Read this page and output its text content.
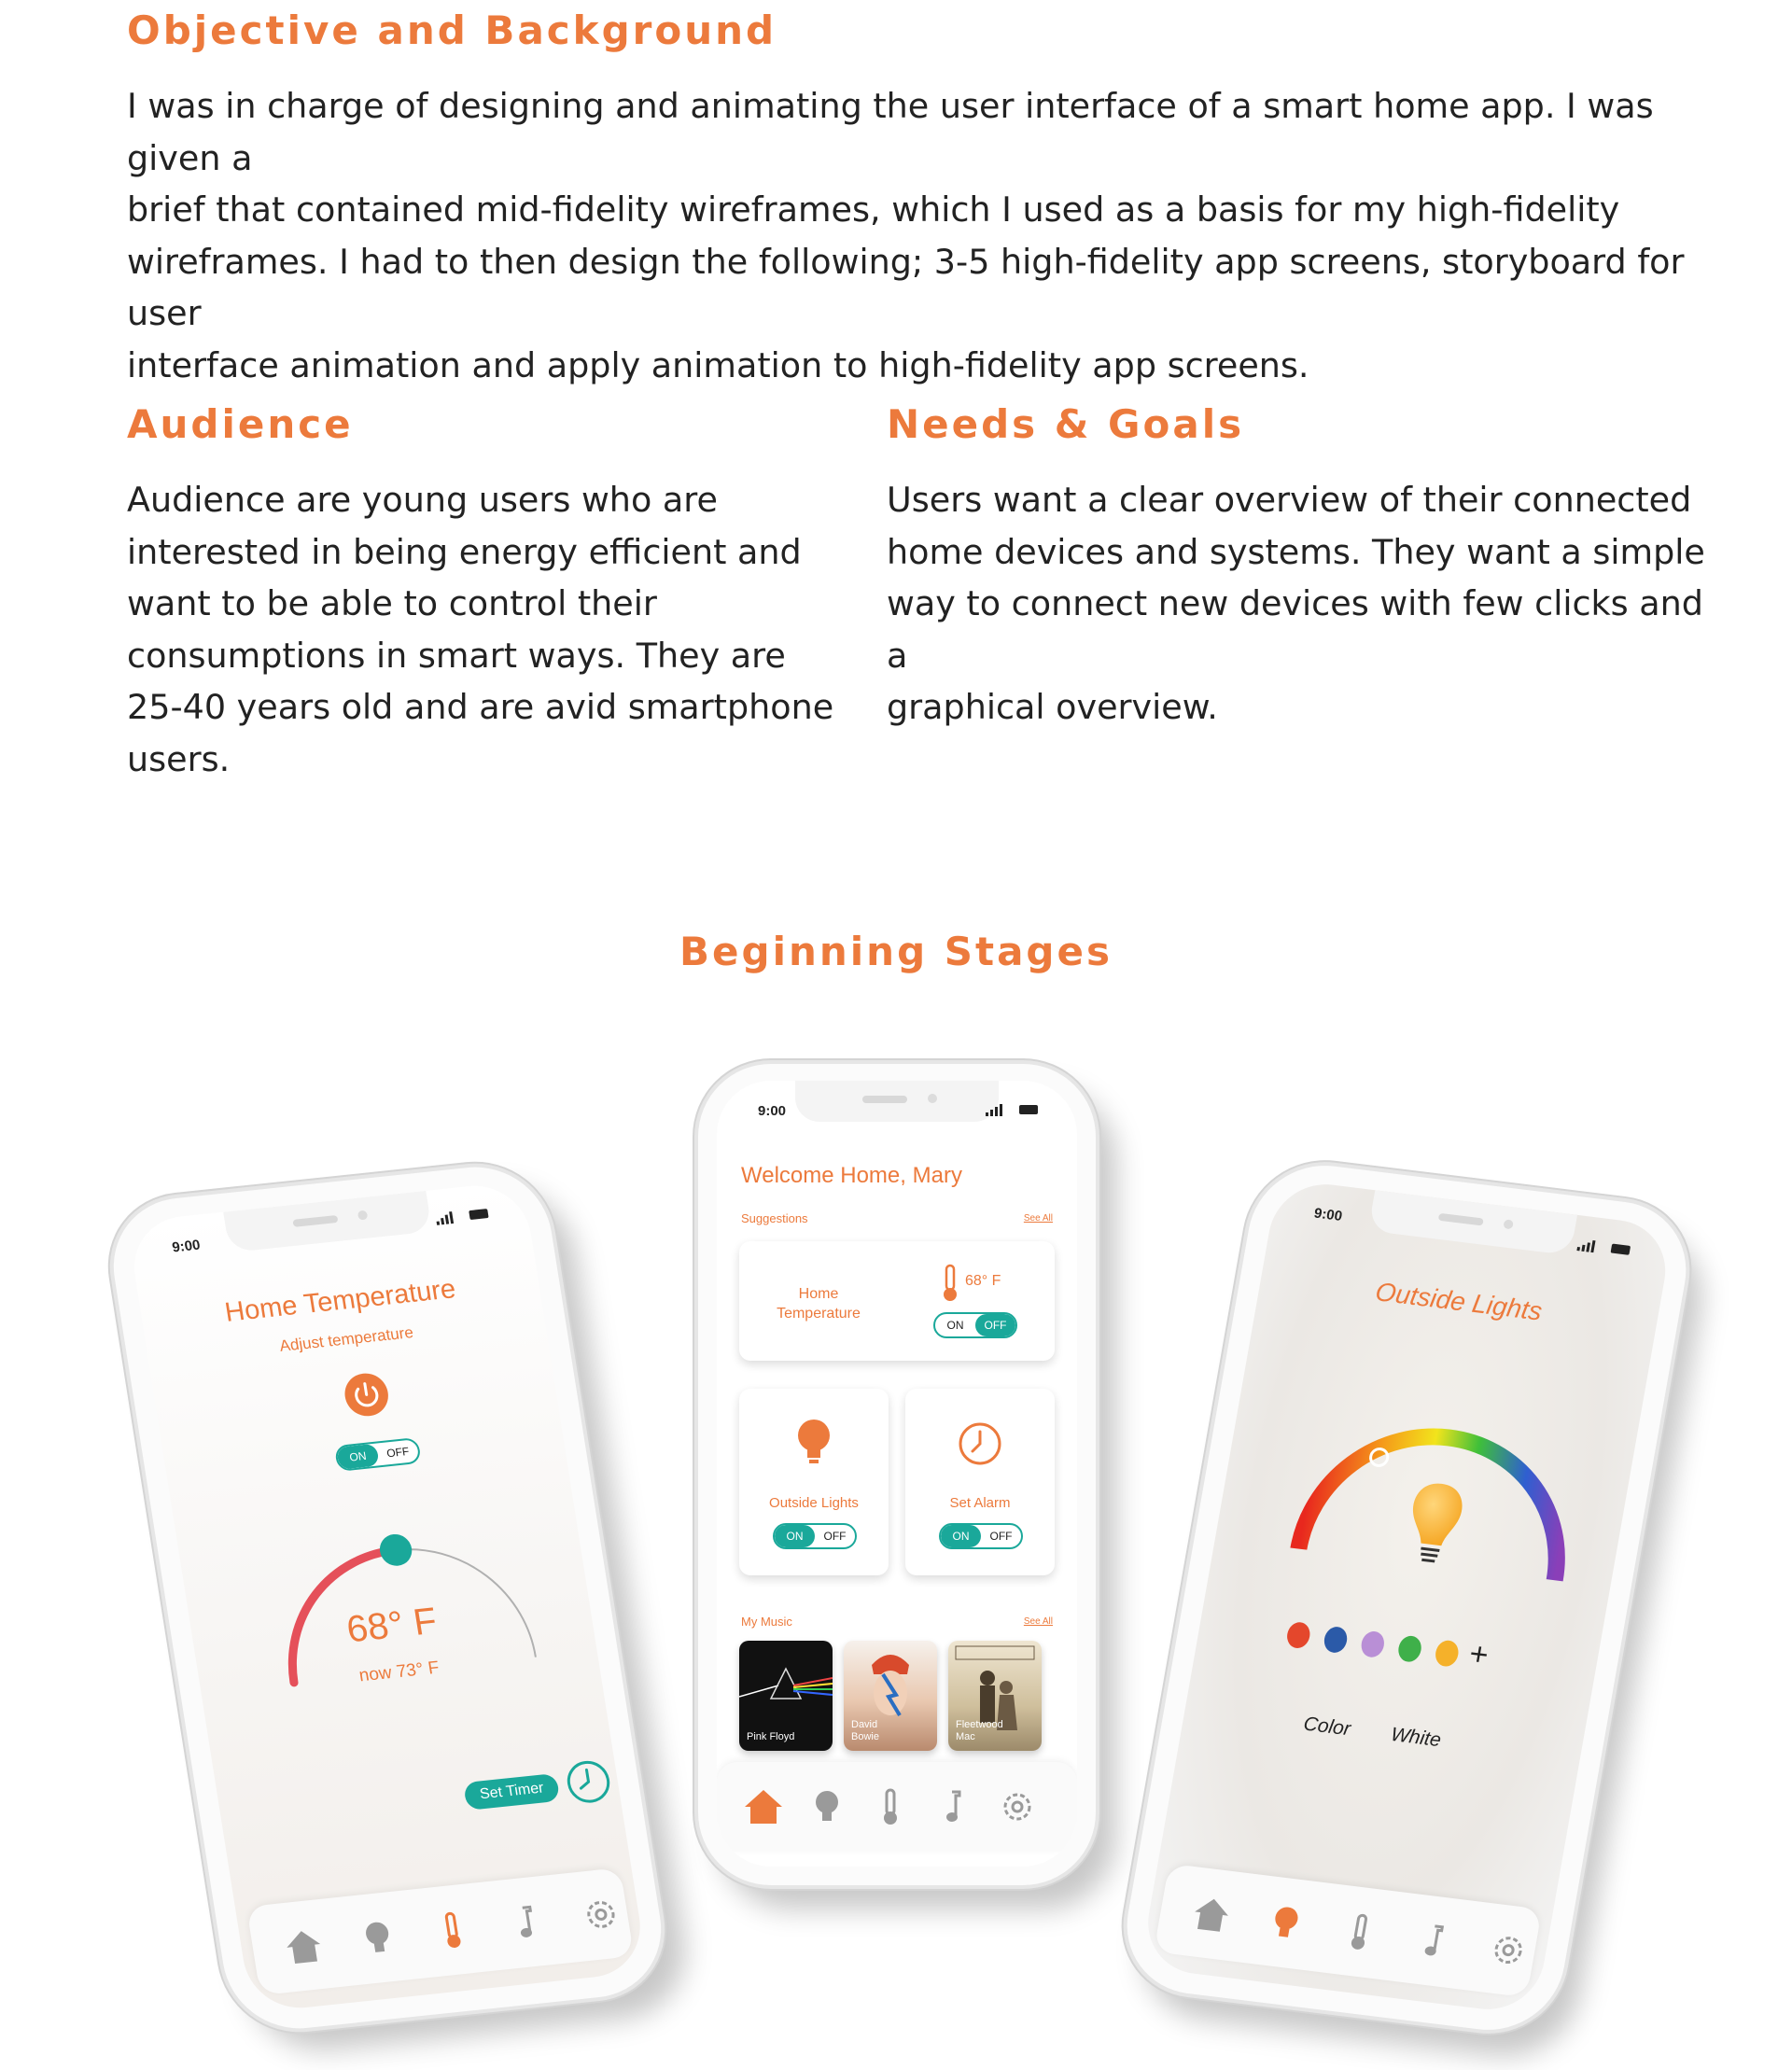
Objective and Background
I was in charge of designing and animating the user interface of a smart home app. I was given a
brief that contained mid-fidelity wireframes, which I used as a basis for my high-fidelity
wireframes. I had to then design the following; 3-5 high-fidelity app screens, storyboard for user
interface animation and apply animation to high-fidelity app screens.
Audience
Audience are young users who are
interested in being energy efficient and
want to be able to control their
consumptions in smart ways. They are
25-40 years old and are avid smartphone
users.
Needs & Goals
Users want a clear overview of their connected
home devices and systems. They want a simple
way to connect new devices with few clicks and a
graphical overview.
Beginning Stages
9:00
Home Temperature
Adjust temperature
ON	OFF
68° F
now 73° F
Set Timer
9:00
Welcome Home, Mary
Suggestions	See All
Home
Temperature
68° F
ON	OFF
Outside Lights
ON	OFF
Set Alarm
ON	OFF
My Music	See All
Pink Floyd
David
Bowie
Fleetwood
Mac
9:00
Outside Lights
+
Color White
